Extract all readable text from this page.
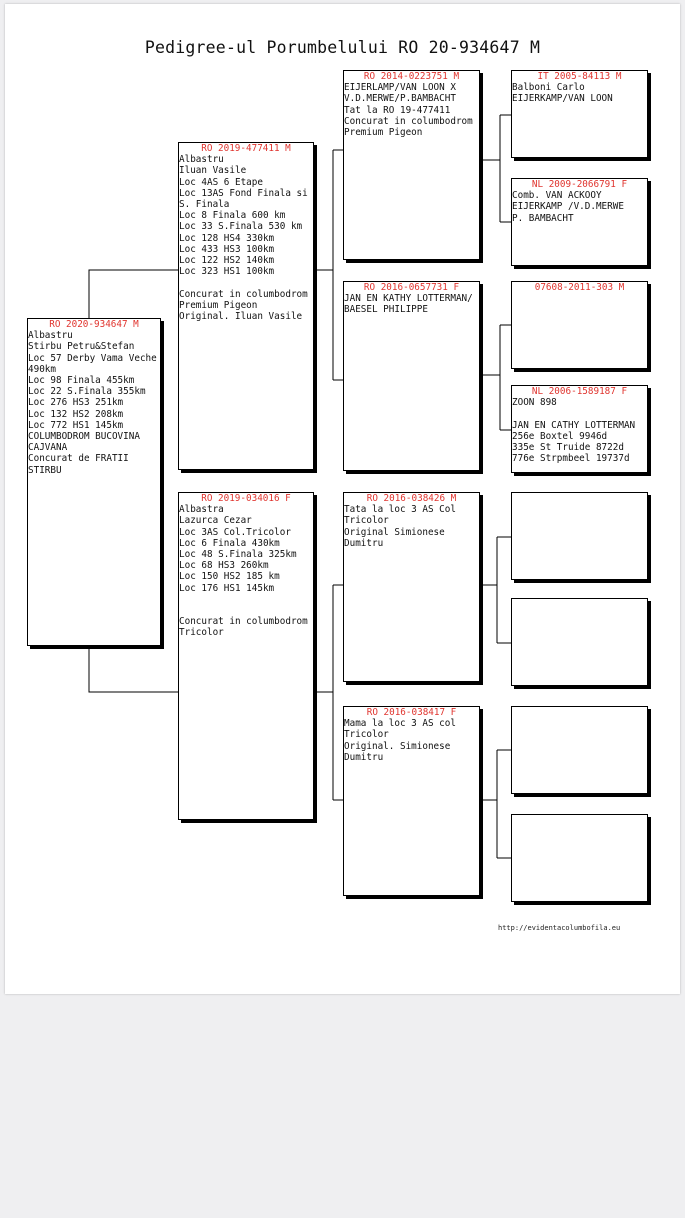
Pedigree-ul Porumbelului RO 20-934647 M
RO 2020-934647 M
Albastru
Stirbu Petru&Stefan
Loc 57 Derby Vama Veche
490km
Loc 98 Finala 455km
Loc 22 S.Finala 355km
Loc 276 HS3 251km
Loc 132 HS2 208km
Loc 772 HS1 145km
COLUMBODROM BUCOVINA
CAJVANA
Concurat de FRATII
STIRBU
RO 2019-477411 M
Albastru
Iluan Vasile
Loc 4AS 6 Etape
Loc 13AS Fond Finala si
S. Finala
Loc 8 Finala 600 km
Loc 33 S.Finala 530 km
Loc 128 HS4 330km
Loc 433 HS3 100km
Loc 122 HS2 140km
Loc 323 HS1 100km

Concurat in columbodrom
Premium Pigeon
Original. Iluan Vasile
RO 2019-034016 F
Albastra
Lazurca Cezar
Loc 3AS Col.Tricolor
Loc 6 Finala 430km
Loc 48 S.Finala 325km
Loc 68 HS3 260km
Loc 150 HS2 185 km
Loc 176 HS1 145km

Concurat in columbodrom
Tricolor
RO 2014-0223751 M
EIJERLAMP/VAN LOON X
V.D.MERWE/P.BAMBACHT
Tat la RO 19-477411
Concurat in columbodrom
Premium Pigeon
RO 2016-0657731 F
JAN EN KATHY LOTTERMAN/
BAESEL PHILIPPE
RO 2016-038426 M
Tata la loc 3 AS Col
Tricolor
Original Simionese
Dumitru
RO 2016-038417 F
Mama la loc 3 AS col
Tricolor
Original. Simionese
Dumitru
IT 2005-84113 M
Balboni Carlo
EIJERKAMP/VAN LOON
NL 2009-2066791 F
Comb. VAN ACKOOY
EIJERKAMP /V.D.MERWE
P. BAMBACHT
07608-2011-303 M
NL 2006-1589187 F
ZOON 898

JAN EN CATHY LOTTERMAN
256e Boxtel 9946d
335e St Truide 8722d
776e Strpmbeel 19737d
http://evidentacolumbofila.eu
